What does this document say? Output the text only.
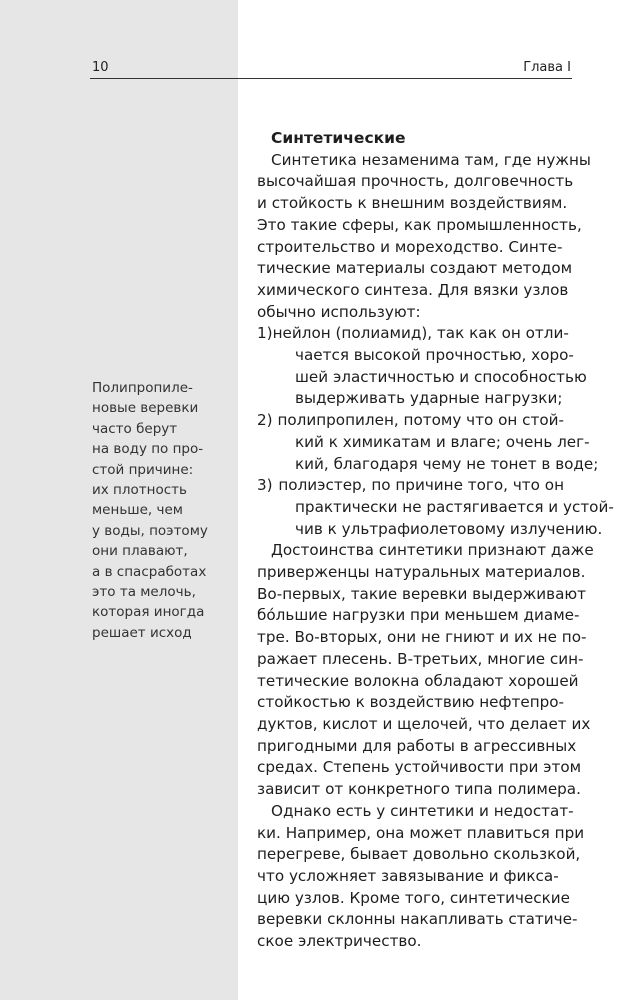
10	Глава I
Полипропиле-
новые веревки
часто берут
на воду по про-
стой причине:
их плотность
меньше, чем
у воды, поэтому
они плавают,
а в спасработах
это та мелочь,
которая иногда
решает исход
Синтетические
Синтетика незаменима там, где нужны
высочайшая прочность, долговечность
и стойкость к внешним воздействиям.
Это такие сферы, как промышленность,
строительство и мореходство. Синте-
тические материалы создают методом
химического синтеза. Для вязки узлов
обычно используют:
1) нейлон (полиамид), так как он отли-
чается высокой прочностью, хоро-
шей эластичностью и способностью
выдерживать ударные нагрузки;
2) полипропилен, потому что он стой-
кий к химикатам и влаге; очень лег-
кий, благодаря чему не тонет в воде;
3) полиэстер, по причине того, что он
практически не растягивается и устой-
чив к ультрафиолетовому излучению.
Достоинства синтетики признают даже
приверженцы натуральных материалов.
Во-первых, такие веревки выдерживают
бо́льшие нагрузки при меньшем диаме-
тре. Во-вторых, они не гниют и их не по-
ражает плесень. В-третьих, многие син-
тетические волокна обладают хорошей
стойкостью к воздействию нефтепро-
дуктов, кислот и щелочей, что делает их
пригодными для работы в агрессивных
средах. Степень устойчивости при этом
зависит от конкретного типа полимера.
Однако есть у синтетики и недостат-
ки. Например, она может плавиться при
перегреве, бывает довольно скользкой,
что усложняет завязывание и фикса-
цию узлов. Кроме того, синтетические
веревки склонны накапливать статиче-
ское электричество.
